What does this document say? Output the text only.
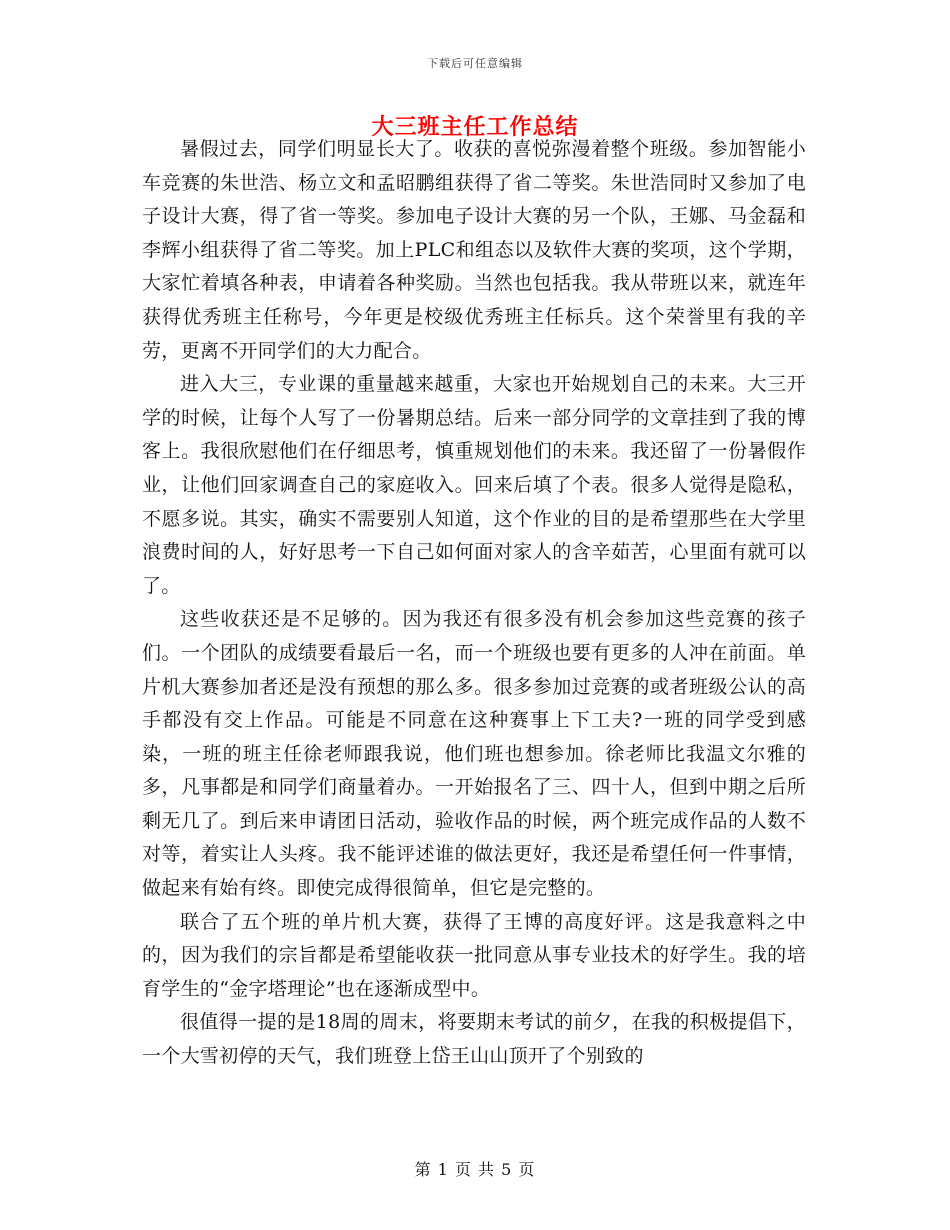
下载后可任意编辑
大三班主任工作总结

暑假过去，同学们明显长大了。收获的喜悦弥漫着整个班级。参加智能小车竞赛的朱世浩、杨立文和孟昭鹏组获得了省二等奖。朱世浩同时又参加了电子设计大赛，得了省一等奖。参加电子设计大赛的另一个队，王娜、马金磊和李辉小组获得了省二等奖。加上PLC和组态以及软件大赛的奖项，这个学期，大家忙着填各种表，申请着各种奖励。当然也包括我。我从带班以来，就连年获得优秀班主任称号，今年更是校级优秀班主任标兵。这个荣誉里有我的辛劳，更离不开同学们的大力配合。

进入大三，专业课的重量越来越重，大家也开始规划自己的未来。大三开学的时候，让每个人写了一份暑期总结。后来一部分同学的文章挂到了我的博客上。我很欣慰他们在仔细思考，慎重规划他们的未来。我还留了一份暑假作业，让他们回家调查自己的家庭收入。回来后填了个表。很多人觉得是隐私，不愿多说。其实，确实不需要别人知道，这个作业的目的是希望那些在大学里浪费时间的人，好好思考一下自己如何面对家人的含辛茹苦，心里面有就可以了。

这些收获还是不足够的。因为我还有很多没有机会参加这些竞赛的孩子们。一个团队的成绩要看最后一名，而一个班级也要有更多的人冲在前面。单片机大赛参加者还是没有预想的那么多。很多参加过竞赛的或者班级公认的高手都没有交上作品。可能是不同意在这种赛事上下工夫?一班的同学受到感染，一班的班主任徐老师跟我说，他们班也想参加。徐老师比我温文尔雅的多，凡事都是和同学们商量着办。一开始报名了三、四十人，但到中期之后所剩无几了。到后来申请团日活动，验收作品的时候，两个班完成作品的人数不对等，着实让人头疼。我不能评述谁的做法更好，我还是希望任何一件事情，做起来有始有终。即使完成得很简单，但它是完整的。

联合了五个班的单片机大赛，获得了王博的高度好评。这是我意料之中的，因为我们的宗旨都是希望能收获一批同意从事专业技术的好学生。我的培育学生的“金字塔理论”也在逐渐成型中。

很值得一提的是18周的周末，将要期末考试的前夕，在我的积极提倡下，一个大雪初停的天气，我们班登上岱王山山顶开了个别致的

第 1 页 共 5 页
